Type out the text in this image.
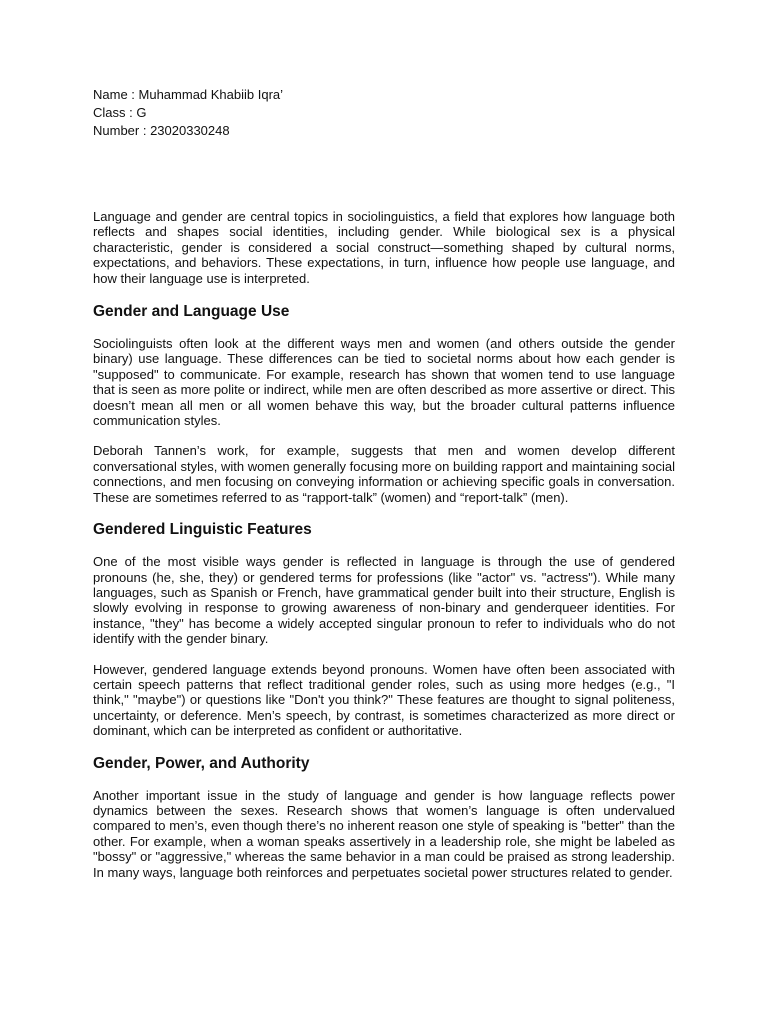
Name : Muhammad Khabiib Iqra’

Class : G

Number : 23020330248

Language and gender are central topics in sociolinguistics, a field that explores how language both reflects and shapes social identities, including gender. While biological sex is a physical characteristic, gender is considered a social construct—something shaped by cultural norms, expectations, and behaviors. These expectations, in turn, influence how people use language, and how their language use is interpreted.

Gender and Language Use

Sociolinguists often look at the different ways men and women (and others outside the gender binary) use language. These differences can be tied to societal norms about how each gender is "supposed" to communicate. For example, research has shown that women tend to use language that is seen as more polite or indirect, while men are often described as more assertive or direct. This doesn’t mean all men or all women behave this way, but the broader cultural patterns influence communication styles.

Deborah Tannen’s work, for example, suggests that men and women develop different conversational styles, with women generally focusing more on building rapport and maintaining social connections, and men focusing on conveying information or achieving specific goals in conversation. These are sometimes referred to as “rapport-talk” (women) and “report-talk” (men).

Gendered Linguistic Features

One of the most visible ways gender is reflected in language is through the use of gendered pronouns (he, she, they) or gendered terms for professions (like "actor" vs. "actress"). While many languages, such as Spanish or French, have grammatical gender built into their structure, English is slowly evolving in response to growing awareness of non-binary and genderqueer identities. For instance, "they" has become a widely accepted singular pronoun to refer to individuals who do not identify with the gender binary.

However, gendered language extends beyond pronouns. Women have often been associated with certain speech patterns that reflect traditional gender roles, such as using more hedges (e.g., "I think," "maybe") or questions like "Don't you think?" These features are thought to signal politeness, uncertainty, or deference. Men’s speech, by contrast, is sometimes characterized as more direct or dominant, which can be interpreted as confident or authoritative.

Gender, Power, and Authority

Another important issue in the study of language and gender is how language reflects power dynamics between the sexes. Research shows that women’s language is often undervalued compared to men’s, even though there’s no inherent reason one style of speaking is "better" than the other. For example, when a woman speaks assertively in a leadership role, she might be labeled as "bossy" or "aggressive," whereas the same behavior in a man could be praised as strong leadership. In many ways, language both reinforces and perpetuates societal power structures related to gender.
